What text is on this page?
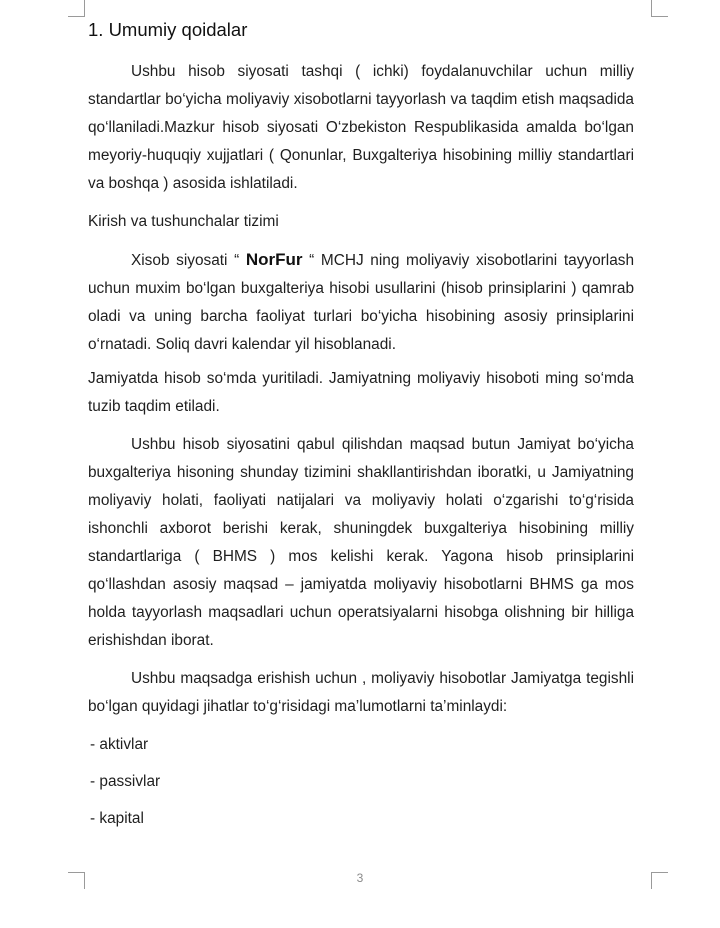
1. Umumiy qoidalar

Ushbu hisob siyosati tashqi ( ichki) foydalanuvchilar uchun milliy standartlar bo‘yicha moliyaviy xisobotlarni tayyorlash va taqdim etish maqsadida qo‘llaniladi.Mazkur hisob siyosati O‘zbekiston Respublikasida amalda bo‘lgan meyoriy-huquqiy xujjatlari ( Qonunlar, Buxgalteriya hisobining milliy standartlari va boshqa ) asosida ishlatiladi.

Kirish va tushunchalar tizimi

Xisob siyosati “ NorFur “ MCHJ ning moliyaviy xisobotlarini tayyorlash uchun muxim bo‘lgan buxgalteriya hisobi usullarini (hisob prinsiplarini ) qamrab oladi va uning barcha faoliyat turlari bo‘yicha hisobining asosiy prinsiplarini o‘rnatadi. Soliq davri kalendar yil hisoblanadi.

Jamiyatda hisob so‘mda yuritiladi. Jamiyatning moliyaviy hisoboti ming so‘mda tuzib taqdim etiladi.

Ushbu hisob siyosatini qabul qilishdan maqsad butun Jamiyat bo‘yicha buxgalteriya hisoning shunday tizimini shakllantirishdan iboratki, u Jamiyatning moliyaviy holati, faoliyati natijalari va moliyaviy holati o‘zgarishi to‘g‘risida ishonchli axborot berishi kerak, shuningdek buxgalteriya hisobining milliy standartlariga ( BHMS ) mos kelishi kerak. Yagona hisob prinsiplarini qo‘llashdan asosiy maqsad – jamiyatda moliyaviy hisobotlarni BHMS ga mos holda tayyorlash maqsadlari uchun operatsiyalarni hisobga olishning bir hilliga erishishdan iborat.

Ushbu maqsadga erishish uchun , moliyaviy hisobotlar Jamiyatga tegishli bo‘lgan quyidagi jihatlar to‘g‘risidagi ma’lumotlarni ta’minlaydi:

- aktivlar
- passivlar
- kapital
3
